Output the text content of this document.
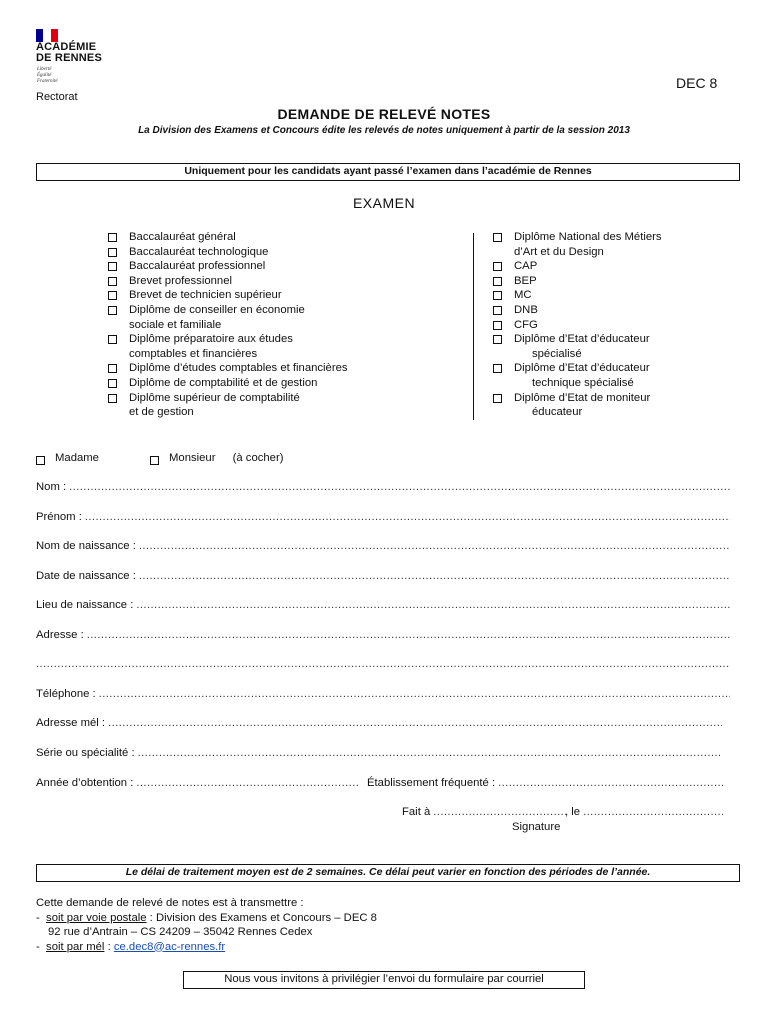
ACADÉMIE
DE RENNES
Liberté
Égalité
Fraternité
Rectorat
DEC 8
DEMANDE DE RELEVÉ NOTES
La Division des Examens et Concours édite les relevés de notes uniquement à partir de la session 2013
Uniquement pour les candidats ayant passé l’examen dans l’académie de Rennes
EXAMEN
Baccalauréat général
Baccalauréat technologique
Baccalauréat professionnel
Brevet professionnel
Brevet de technicien supérieur
Diplôme de conseiller en économie
sociale et familiale
Diplôme préparatoire aux études
comptables et financières
Diplôme d’études comptables et financières
Diplôme de comptabilité et de gestion
Diplôme supérieur de comptabilité
et de gestion
Diplôme National des Métiers
d’Art et du Design
CAP
BEP
MC
DNB
CFG
Diplôme d’Etat d’éducateur
spécialisé
Diplôme d’Etat d’éducateur
technique spécialisé
Diplôme d’Etat de moniteur
éducateur
Madame	Monsieur (à cocher)
Nom :
.....
Prénom :
.....
Nom de naissance :
.....
Date de naissance :
.....
Lieu de naissance :
.....
Adresse :
.....
.....
Téléphone :
.....
Adresse mél :
.....
Série ou spécialité :
.....
Année d’obtention : .....	Établissement fréquenté :
.....
Fait à .....	, le
.....
Signature
Le délai de traitement moyen est de 2 semaines. Ce délai peut varier en fonction des périodes de l’année.
Cette demande de relevé de notes est à transmettre :
-  soit par voie postale : Division des Examens et Concours – DEC 8
92 rue d’Antrain – CS 24209 – 35042 Rennes Cedex
-  soit par mél : ce.dec8@ac-rennes.fr
Nous vous invitons à privilégier l’envoi du formulaire par courriel
